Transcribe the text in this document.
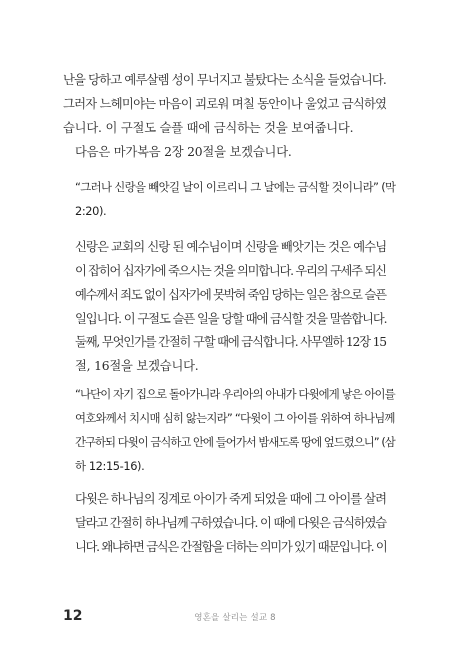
난을 당하고 예루살렘 성이 무너지고 불탔다는 소식을 들었습니다.
그러자 느헤미야는 마음이 괴로워 며칠 동안이나 울었고 금식하였
습니다. 이 구절도 슬플 때에 금식하는 것을 보여줍니다.

다음은 마가복음 2장 20절을 보겠습니다.

“그러나 신랑을 빼앗길 날이 이르리니 그 날에는 금식할 것이니라” (막
2:20).

신랑은 교회의 신랑 된 예수님이며 신랑을 빼앗기는 것은 예수님
이 잡히어 십자가에 죽으시는 것을 의미합니다. 우리의 구세주 되신
예수께서 죄도 없이 십자가에 못박혀 죽임 당하는 일은 참으로 슬픈
일입니다. 이 구절도 슬픈 일을 당할 때에 금식할 것을 말씀합니다.

둘째, 무엇인가를 간절히 구할 때에 금식합니다. 사무엘하 12장 15
절, 16절을 보겠습니다.

“나단이 자기 집으로 돌아가니라 우리아의 아내가 다윗에게 낳은 아이를
여호와께서 치시매 심히 앓는지라” “다윗이 그 아이를 위하여 하나님께
간구하되 다윗이 금식하고 안에 들어가서 밤새도록 땅에 엎드렸으니” (삼
하 12:15-16).

다윗은 하나님의 징계로 아이가 죽게 되었을 때에 그 아이를 살려
달라고 간절히 하나님께 구하였습니다. 이 때에 다윗은 금식하였습
니다. 왜냐하면 금식은 간절함을 더하는 의미가 있기 때문입니다. 이

12	영혼을 살리는 설교 8
